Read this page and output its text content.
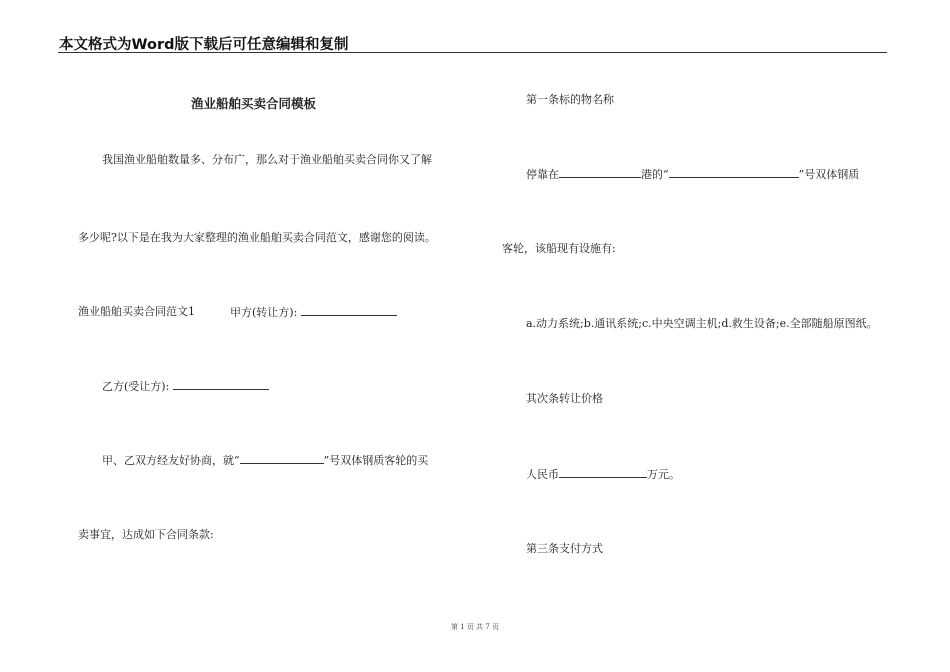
本文格式为Word版下载后可任意编辑和复制
渔业船舶买卖合同模板
我国渔业船舶数量多、分布广，那么对于渔业船舶买卖合同你又了解
多少呢?以下是在我为大家整理的渔业船舶买卖合同范文，感谢您的阅读。
渔业船舶买卖合同范文1	甲方(转让方):
乙方(受让方):
甲、乙双方经友好协商，就“	”号双体钢质客轮的买
卖事宜，达成如下合同条款:
第一条标的物名称
停靠在	港的“	”号双体钢质
客轮，该船现有设施有:
a.动力系统;b.通讯系统;c.中央空调主机;d.救生设备;e.全部随船原图纸。
其次条转让价格
人民币	万元。
第三条支付方式
第 1 页 共 7 页
